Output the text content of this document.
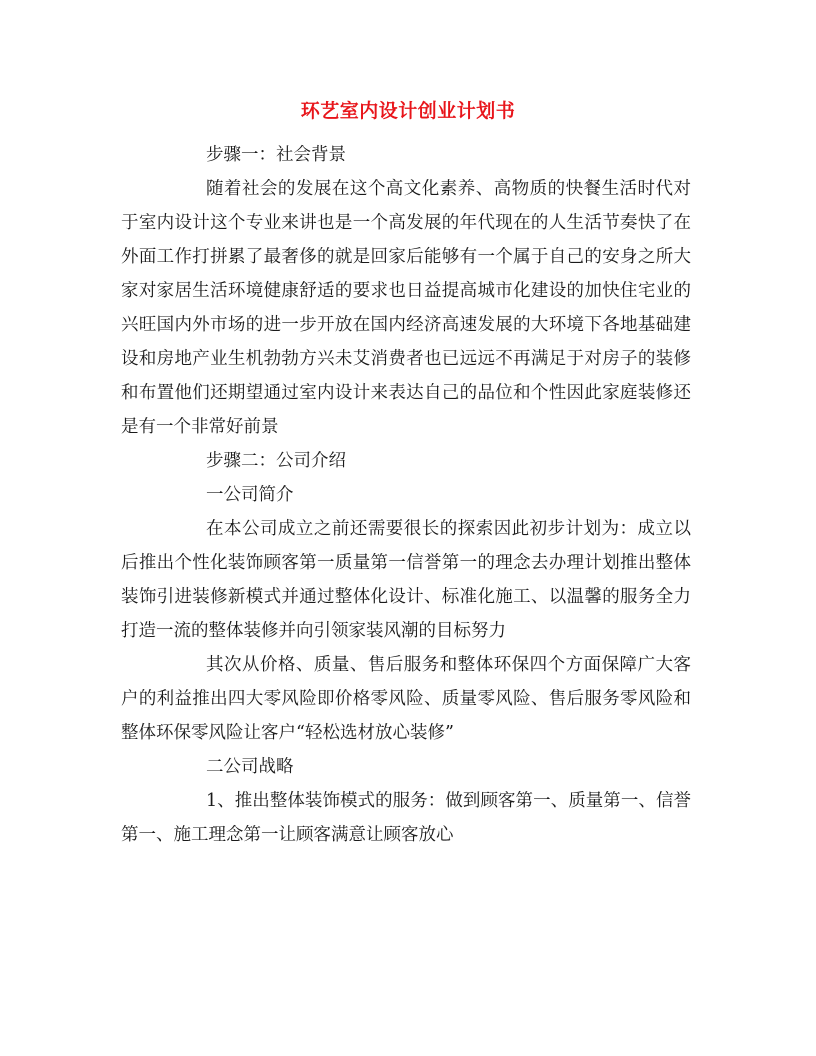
环艺室内设计创业计划书

步骤一：社会背景

随着社会的发展在这个高文化素养、高物质的快餐生活时代对于室内设计这个专业来讲也是一个高发展的年代现在的人生活节奏快了在外面工作打拼累了最奢侈的就是回家后能够有一个属于自己的安身之所大家对家居生活环境健康舒适的要求也日益提高城市化建设的加快住宅业的兴旺国内外市场的进一步开放在国内经济高速发展的大环境下各地基础建设和房地产业生机勃勃方兴未艾消费者也已远远不再满足于对房子的装修和布置他们还期望通过室内设计来表达自己的品位和个性因此家庭装修还是有一个非常好前景

步骤二：公司介绍

一公司简介

在本公司成立之前还需要很长的探索因此初步计划为：成立以后推出个性化装饰顾客第一质量第一信誉第一的理念去办理计划推出整体装饰引进装修新模式并通过整体化设计、标准化施工、以温馨的服务全力打造一流的整体装修并向引领家装风潮的目标努力

其次从价格、质量、售后服务和整体环保四个方面保障广大客户的利益推出四大零风险即价格零风险、质量零风险、售后服务零风险和整体环保零风险让客户“轻松选材放心装修”

二公司战略

1、推出整体装饰模式的服务：做到顾客第一、质量第一、信誉第一、施工理念第一让顾客满意让顾客放心
